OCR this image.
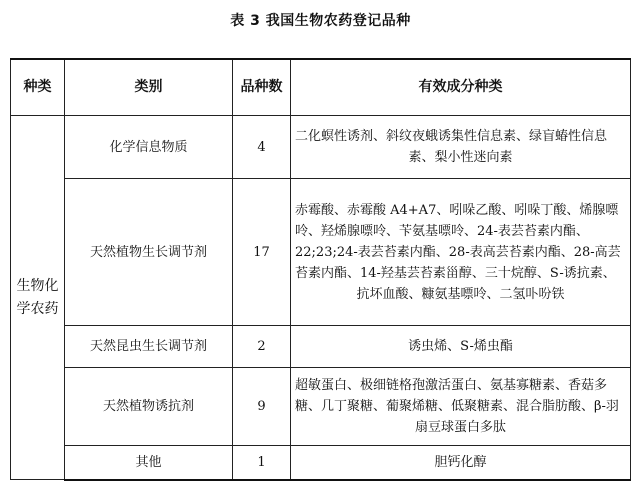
表 3 我国生物农药登记品种
种类	类别	品种数	有效成分种类
生物化学农药	化学信息物质	4	二化螟性诱剂、斜纹夜蛾诱集性信息素、绿盲蝽性信息素、梨小性迷向素
	天然植物生长调节剂	17	赤霉酸、赤霉酸 A4+A7、吲哚乙酸、吲哚丁酸、烯腺嘌呤、羟烯腺嘌呤、苄氨基嘌呤、24-表芸苔素内酯、22;23;24-表芸苔素内酯、28-表高芸苔素内酯、28-高芸苔素内酯、14-羟基芸苔素甾醇、三十烷醇、S-诱抗素、抗坏血酸、糠氨基嘌呤、二氢卟吩铁
	天然昆虫生长调节剂	2	诱虫烯、S-烯虫酯
	天然植物诱抗剂	9	超敏蛋白、极细链格孢激活蛋白、氨基寡糖素、香菇多糖、几丁聚糖、葡聚烯糖、低聚糖素、混合脂肪酸、β-羽扇豆球蛋白多肽
	其他	1	胆钙化醇
